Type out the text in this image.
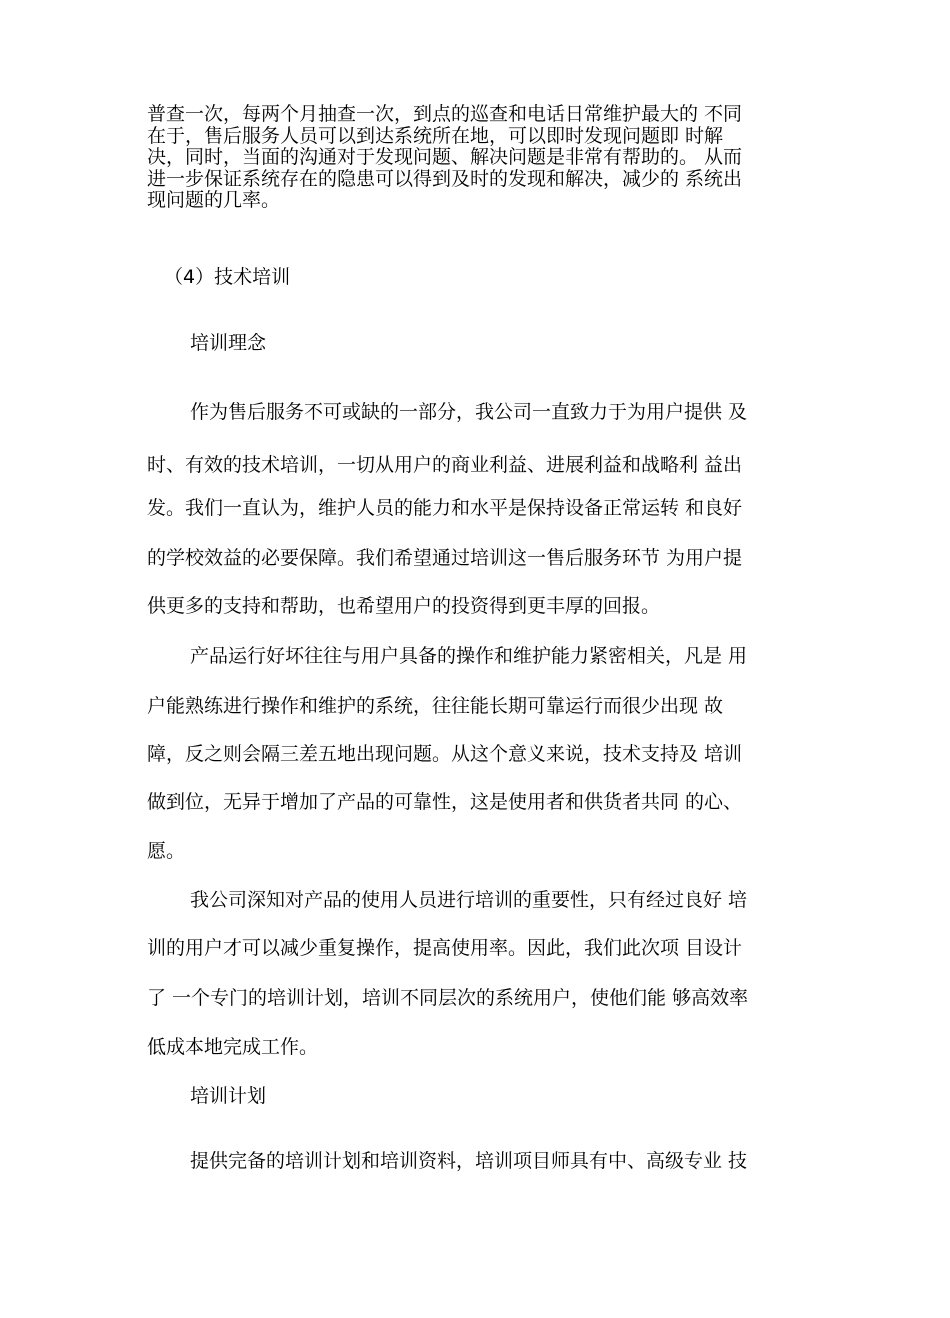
普查一次，每两个月抽查一次，到点的巡查和电话日常维护最大的 不同
在于，售后服务人员可以到达系统所在地，可以即时发现问题即 时解
决，同时，当面的沟通对于发现问题、解决问题是非常有帮助的。 从而
进一步保证系统存在的隐患可以得到及时的发现和解决，减少的 系统出
现问题的几率。
（4）技术培训
培训理念
作为售后服务不可或缺的一部分，我公司一直致力于为用户提供 及
时、有效的技术培训，一切从用户的商业利益、进展利益和战略利 益出
发。我们一直认为，维护人员的能力和水平是保持设备正常运转 和良好
的学校效益的必要保障。我们希望通过培训这一售后服务环节 为用户提
供更多的支持和帮助，也希望用户的投资得到更丰厚的回报。
产品运行好坏往往与用户具备的操作和维护能力紧密相关，凡是 用
户能熟练进行操作和维护的系统，往往能长期可靠运行而很少出现 故
障，反之则会隔三差五地出现问题。从这个意义来说，技术支持及 培训
做到位，无异于增加了产品的可靠性，这是使用者和供货者共同 的心、
愿。
我公司深知对产品的使用人员进行培训的重要性，只有经过良好 培
训的用户才可以减少重复操作，提高使用率。因此，我们此次项 目设计
了 一个专门的培训计划，培训不同层次的系统用户，使他们能 够高效率
低成本地完成工作。
培训计划
提供完备的培训计划和培训资料，培训项目师具有中、高级专业 技
